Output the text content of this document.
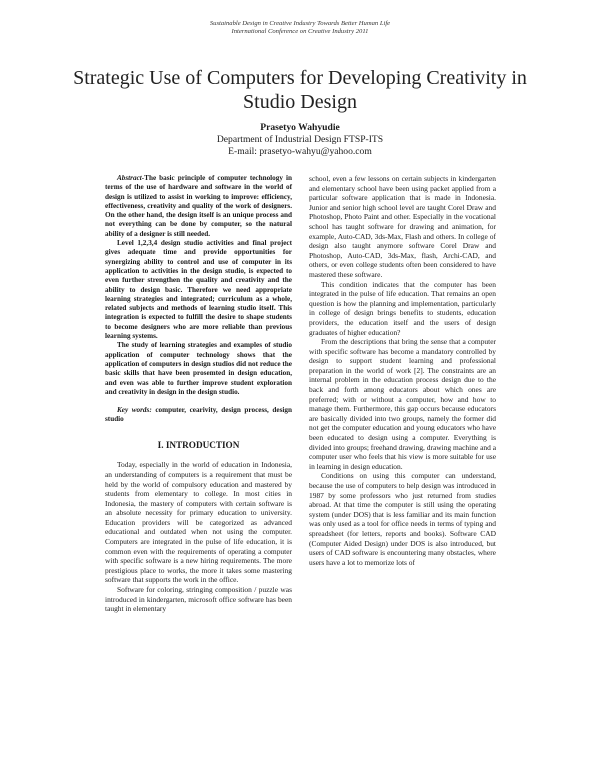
Sustainable Design in Creative Industry Towards Better Human Life
International Conference on Creative Industry 2011
Strategic Use of Computers for Developing Creativity in Studio Design
Prasetyo Wahyudie
Department of Industrial Design FTSP-ITS
E-mail: prasetyo-wahyu@yahoo.com

Abstract-The basic principle of computer technology in terms of the use of hardware and software in the world of design is utilized to assist in working to improve: efficiency, effectiveness, creativity and quality of the work of designers. On the other hand, the design itself is an unique process and not everything can be done by computer, so the natural ability of a designer is still needed.

Level 1,2,3,4 design studio activities and final project gives adequate time and provide opportunities for synergizing ability to control and use of computer in its application to activities in the design studio, is expected to even further strengthen the quality and creativity and the ability to design basic. Therefore we need appropriate learning strategies and integrated; curriculum as a whole, related subjects and methods of learning studio itself. This integration is expected to fulfill the desire to shape students to become designers who are more reliable than previous learning systems.

The study of learning strategies and examples of studio application of computer technology shows that the application of computers in design studios did not reduce the basic skills that have been prosemted in design education, and even was able to further improve student exploration and creativity in design in the design studio.

Key words: computer, cearivity, design process, design studio

I. INTRODUCTION

Today, especially in the world of education in Indonesia, an understanding of computers is a requirement that must be held by the world of compulsory education and mastered by students from elementary to college. In most cities in Indonesia, the mastery of computers with certain software is an absolute necessity for primary education to university. Education providers will be categorized as advanced educational and outdated when not using the computer. Computers are integrated in the pulse of life education, it is common even with the requirements of operating a computer with specific software is a new hiring requirements. The more prestigious place to works, the more it takes some mastering software that supports the work in the office.

Software for coloring, stringing composition / puzzle was introduced in kindergarten, microsoft office software has been taught in elementary

school, even a few lessons on certain subjects in kindergarten and elementary school have been using packet applied from a particular software application that is made in Indonesia. Junior and senior high school level are taught Corel Draw and Photoshop, Photo Paint and other. Especially in the vocational school has taught software for drawing and animation, for example, Auto-CAD, 3ds-Max, Flash and others. In college of design also taught anymore software Corel Draw and Photoshop, Auto-CAD, 3ds-Max, flash, Archi-CAD, and others, or even college students often been considered to have mastered these software.

This condition indicates that the computer has been integrated in the pulse of life education. That remains an open question is how the planning and implementation, particularly in college of design brings benefits to students, education providers, the education itself and the users of design graduates of higher education?

From the descriptions that bring the sense that a computer with specific software has become a mandatory controlled by design to support student learning and professional preparation in the world of work [2]. The constraints are an internal problem in the education process design due to the back and forth among educators about which ones are preferred; with or without a computer, how and how to manage them. Furthermore, this gap occurs because educators are basically divided into two groups, namely the former did not get the computer education and young educators who have been educated to design using a computer. Everything is divided into groups; freehand drawing, drawing machine and a computer user who feels that his view is more suitable for use in learning in design education.

Conditions on using this computer can understand, because the use of computers to help design was introduced in 1987 by some professors who just returned from studies abroad. At that time the computer is still using the operating system (under DOS) that is less familiar and its main function was only used as a tool for office needs in terms of typing and spreadsheet (for letters, reports and books). Software CAD (Computer Aided Design) under DOS is also introduced, but users of CAD software is encountering many obstacles, where users have a lot to memorize lots of
